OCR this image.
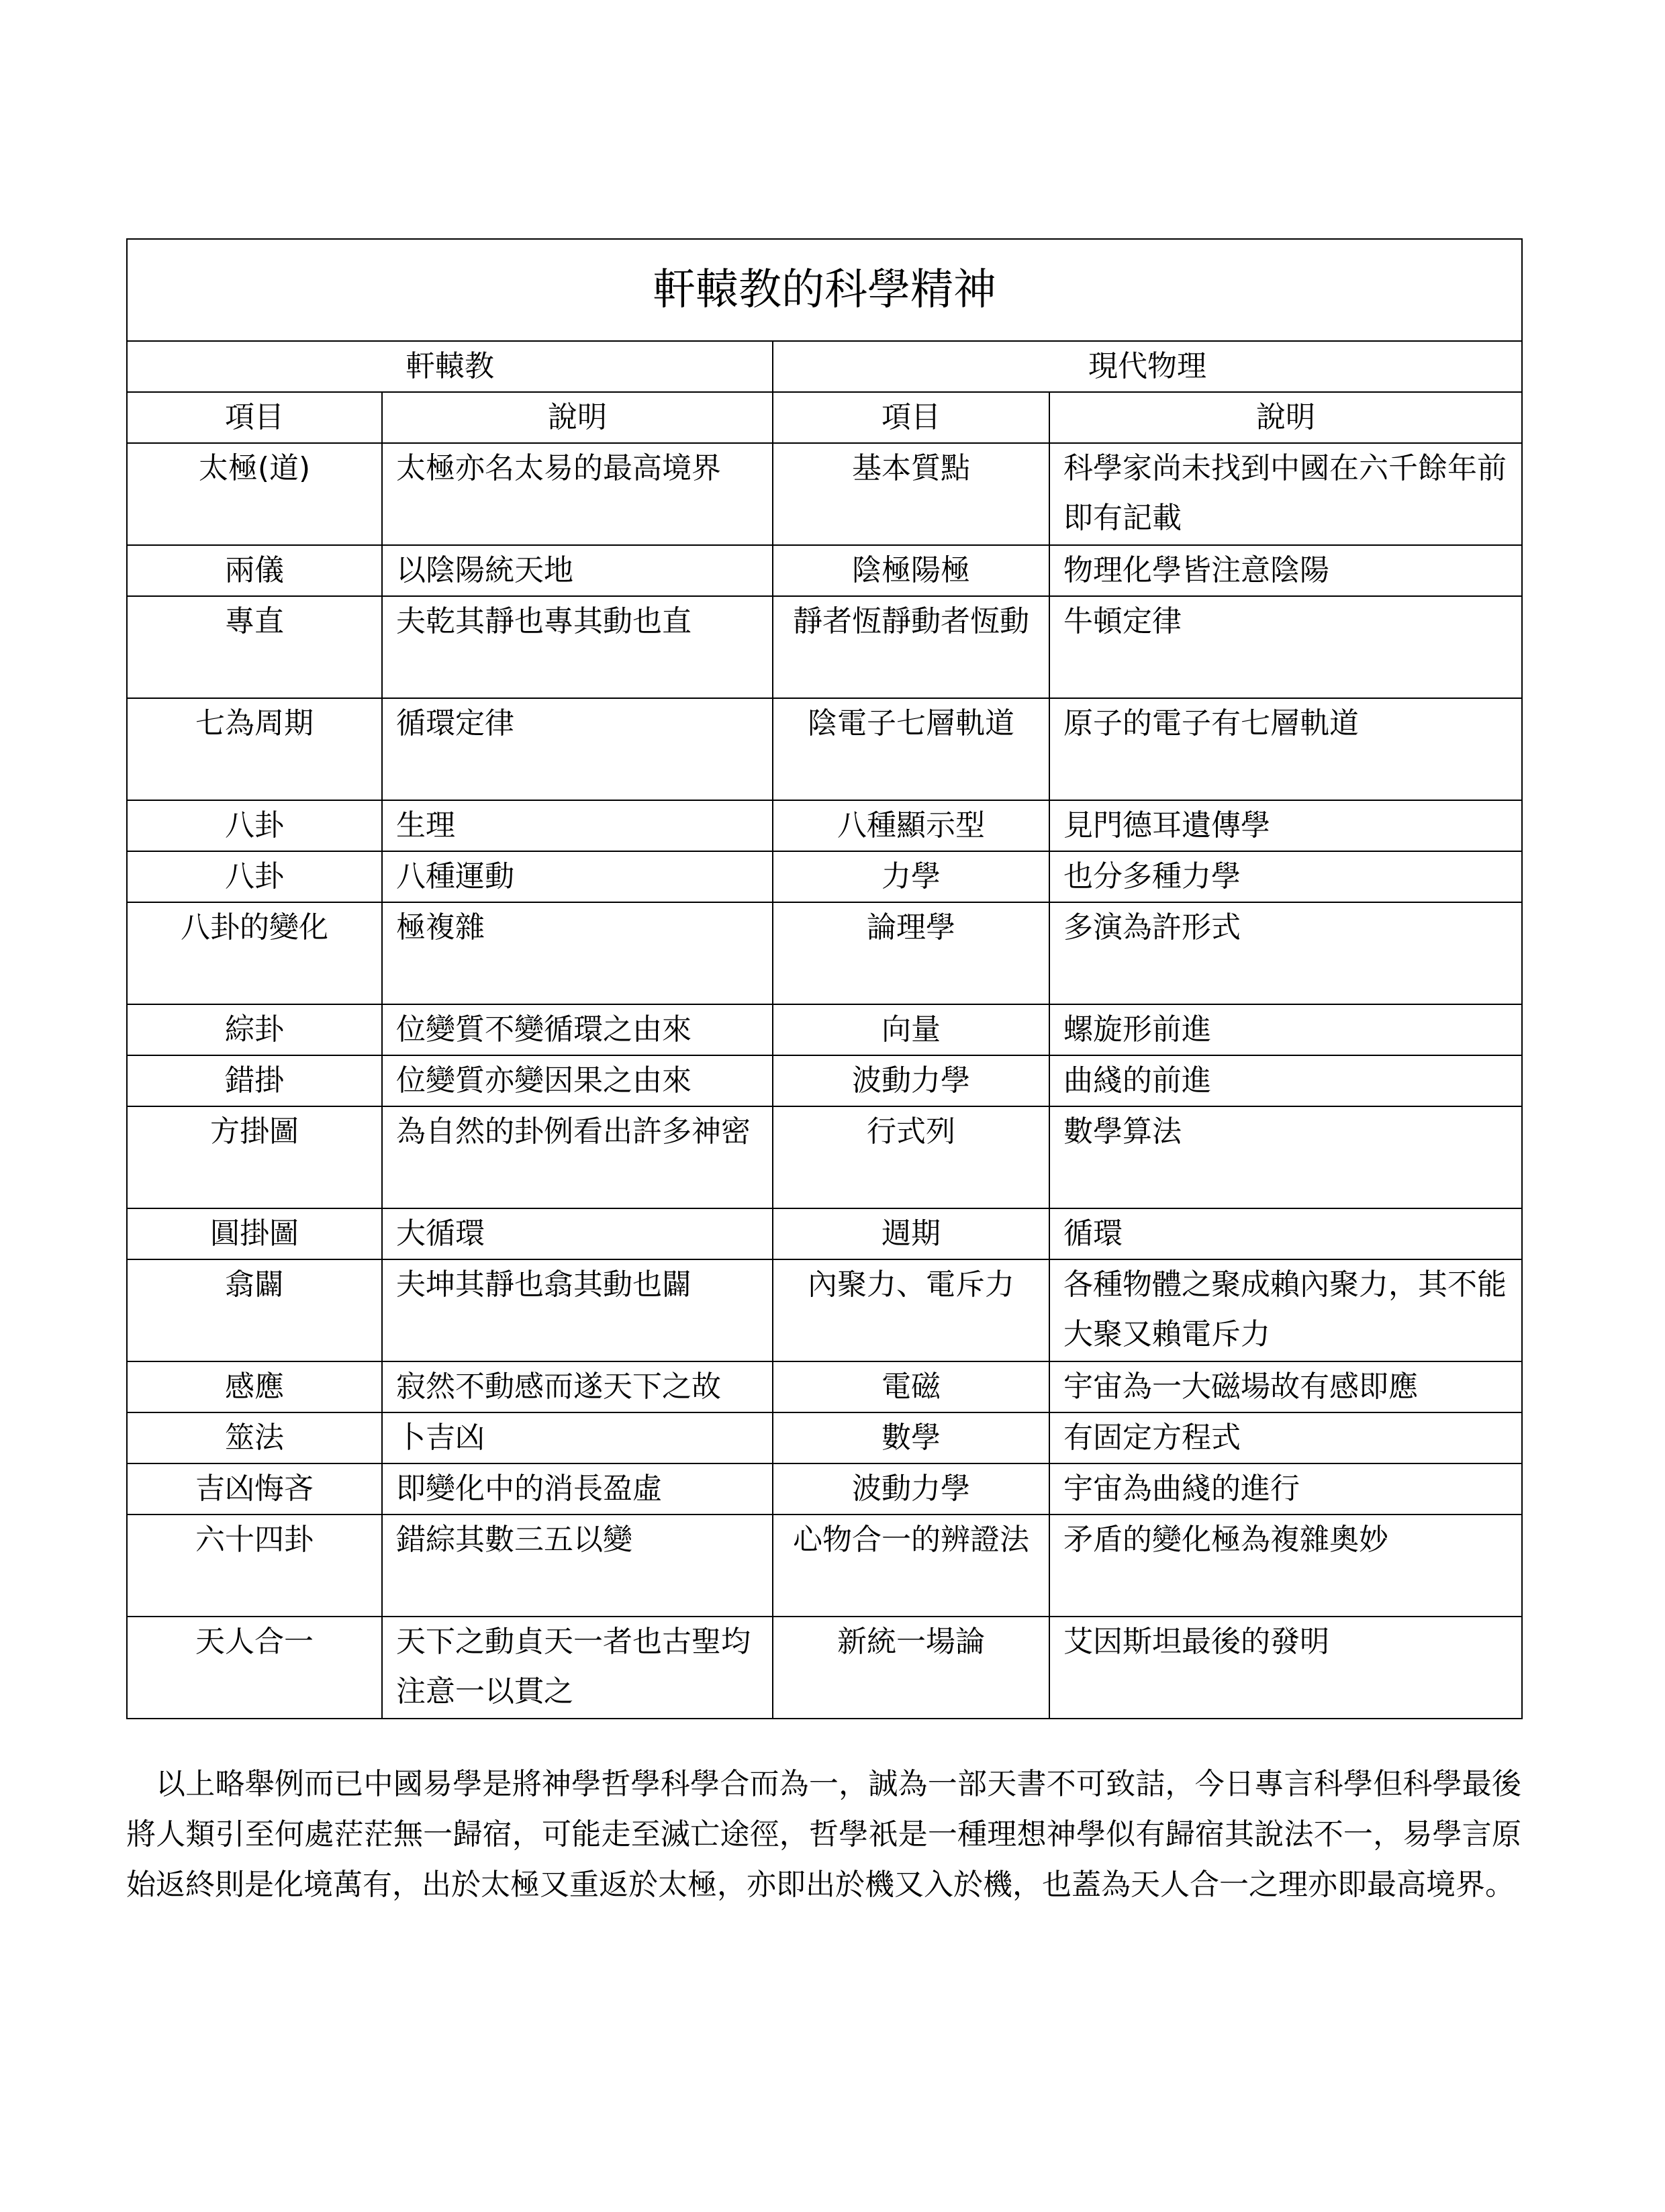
軒轅教的科學精神			
軒轅教		現代物理	
項目	說明	項目	說明
太極(道)	太極亦名太易的最高境界	基本質點	科學家尚未找到中國在六千餘年前即有記載
兩儀	以陰陽統天地	陰極陽極	物理化學皆注意陰陽
專直	夫乾其靜也專其動也直	靜者恆靜動者恆動	牛頓定律
七為周期	循環定律	陰電子七層軌道	原子的電子有七層軌道
八卦	生理	八種顯示型	見門德耳遺傳學
八卦	八種運動	力學	也分多種力學
八卦的變化	極複雜	論理學	多演為許形式
綜卦	位變質不變循環之由來	向量	螺旋形前進
錯掛	位變質亦變因果之由來	波動力學	曲綫的前進
方掛圖	為自然的卦例看出許多神密	行式列	數學算法
圓掛圖	大循環	週期	循環
翕闢	夫坤其靜也翕其動也闢	內聚力、電斥力	各種物體之聚成賴內聚力，其不能大聚又賴電斥力
感應	寂然不動感而遂天下之故	電磁	宇宙為一大磁場故有感即應
筮法	卜吉凶	數學	有固定方程式
吉凶悔吝	即變化中的消長盈虛	波動力學	宇宙為曲綫的進行
六十四卦	錯綜其數三五以變	心物合一的辨證法	矛盾的變化極為複雜奧妙
天人合一	天下之動貞天一者也古聖均注意一以貫之	新統一場論	艾因斯坦最後的發明

以上略舉例而已中國易學是將神學哲學科學合而為一，誠為一部天書不可致詰，今日專言科學但科學最後將人類引至何處茫茫無一歸宿，可能走至滅亡途徑，哲學祇是一種理想神學似有歸宿其說法不一，易學言原始返終則是化境萬有，出於太極又重返於太極，亦即出於機又入於機，也蓋為天人合一之理亦即最高境界。
